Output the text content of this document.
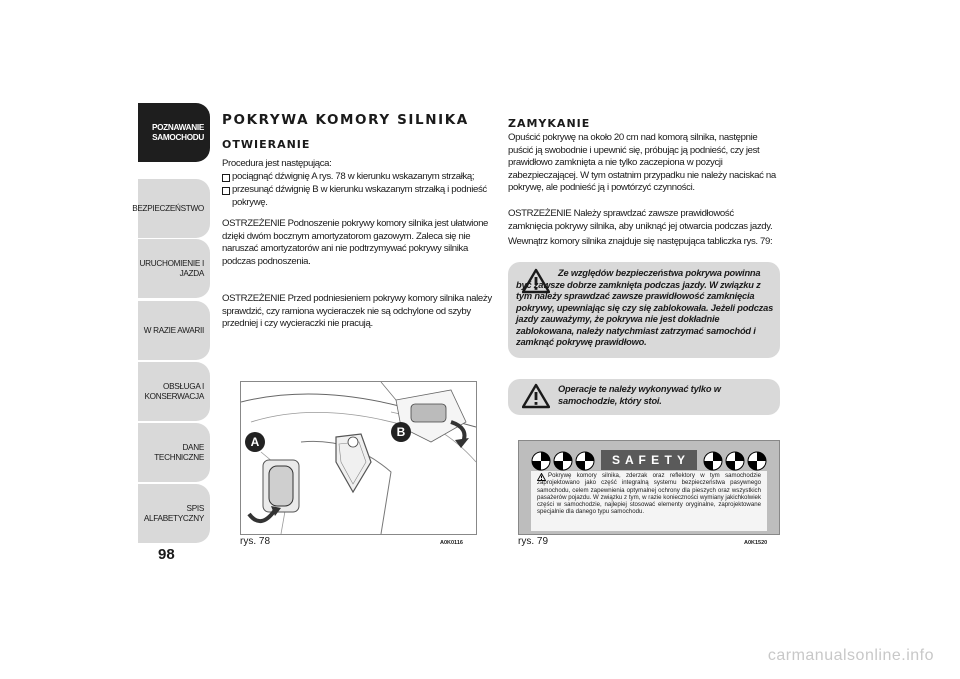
POZNAWANIE
SAMOCHODU
BEZPIECZEŃSTWO
URUCHOMIENIE I
JAZDA
W RAZIE AWARII
OBSŁUGA I
KONSERWACJA
DANE TECHNICZNE
SPIS ALFABETYCZNY
98
POKRYWA KOMORY SILNIKA
OTWIERANIE
Procedura jest następująca:
pociągnąć dźwignię A rys. 78 w kierunku wskazanym strzałką;
przesunąć dźwignię B w kierunku wskazanym strzałką i podnieść pokrywę.
OSTRZEŻENIE Podnoszenie pokrywy komory silnika jest ułatwione dzięki dwóm bocznym amortyzatorom gazowym. Zaleca się nie naruszać amortyzatorów ani nie podtrzymywać pokrywy silnika podczas podnoszenia.
OSTRZEŻENIE Przed podniesieniem pokrywy komory silnika należy sprawdzić, czy ramiona wycieraczek nie są odchylone od szyby przedniej i czy wycieraczki nie pracują.
A
B
rys. 78	A0K0116
ZAMYKANIE
Opuścić pokrywę na około 20 cm nad komorą silnika, następnie puścić ją swobodnie i upewnić się, próbując ją podnieść, czy jest prawidłowo zamknięta a nie tylko zaczepiona w pozycji zabezpieczającej. W tym ostatnim przypadku nie należy naciskać na pokrywę, ale podnieść ją i powtórzyć czynności.
OSTRZEŻENIE Należy sprawdzać zawsze prawidłowość zamknięcia pokrywy silnika, aby uniknąć jej otwarcia podczas jazdy.
Wewnątrz komory silnika znajduje się następująca tabliczka rys. 79:
Ze względów bezpieczeństwa pokrywa powinna być zawsze dobrze zamknięta podczas jazdy. W związku z tym należy sprawdzać zawsze prawidłowość zamknięcia pokrywy, upewniając się czy się zablokowała. Jeżeli podczas jazdy zauważymy, że pokrywa nie jest dokładnie zablokowana, należy natychmiast zatrzymać samochód i zamknąć pokrywę prawidłowo.
Operacje te należy wykonywać tylko w samochodzie, który stoi.
S A F E T Y
Pokrywę komory silnika, zderzak oraz reflektory w tym samochodzie zaprojektowano jako część integralną systemu bezpieczeństwa pasywnego samochodu, celem zapewnienia optymalnej ochrony dla pieszych oraz wszystkich pasażerów pojazdu. W związku z tym, w razie konieczności wymiany jakichkolwiek części w samochodzie, najlepiej stosować elementy oryginalne, zaprojektowane specjalnie dla danego typu samochodu.
rys. 79	A0K1520
carmanualsonline.info
